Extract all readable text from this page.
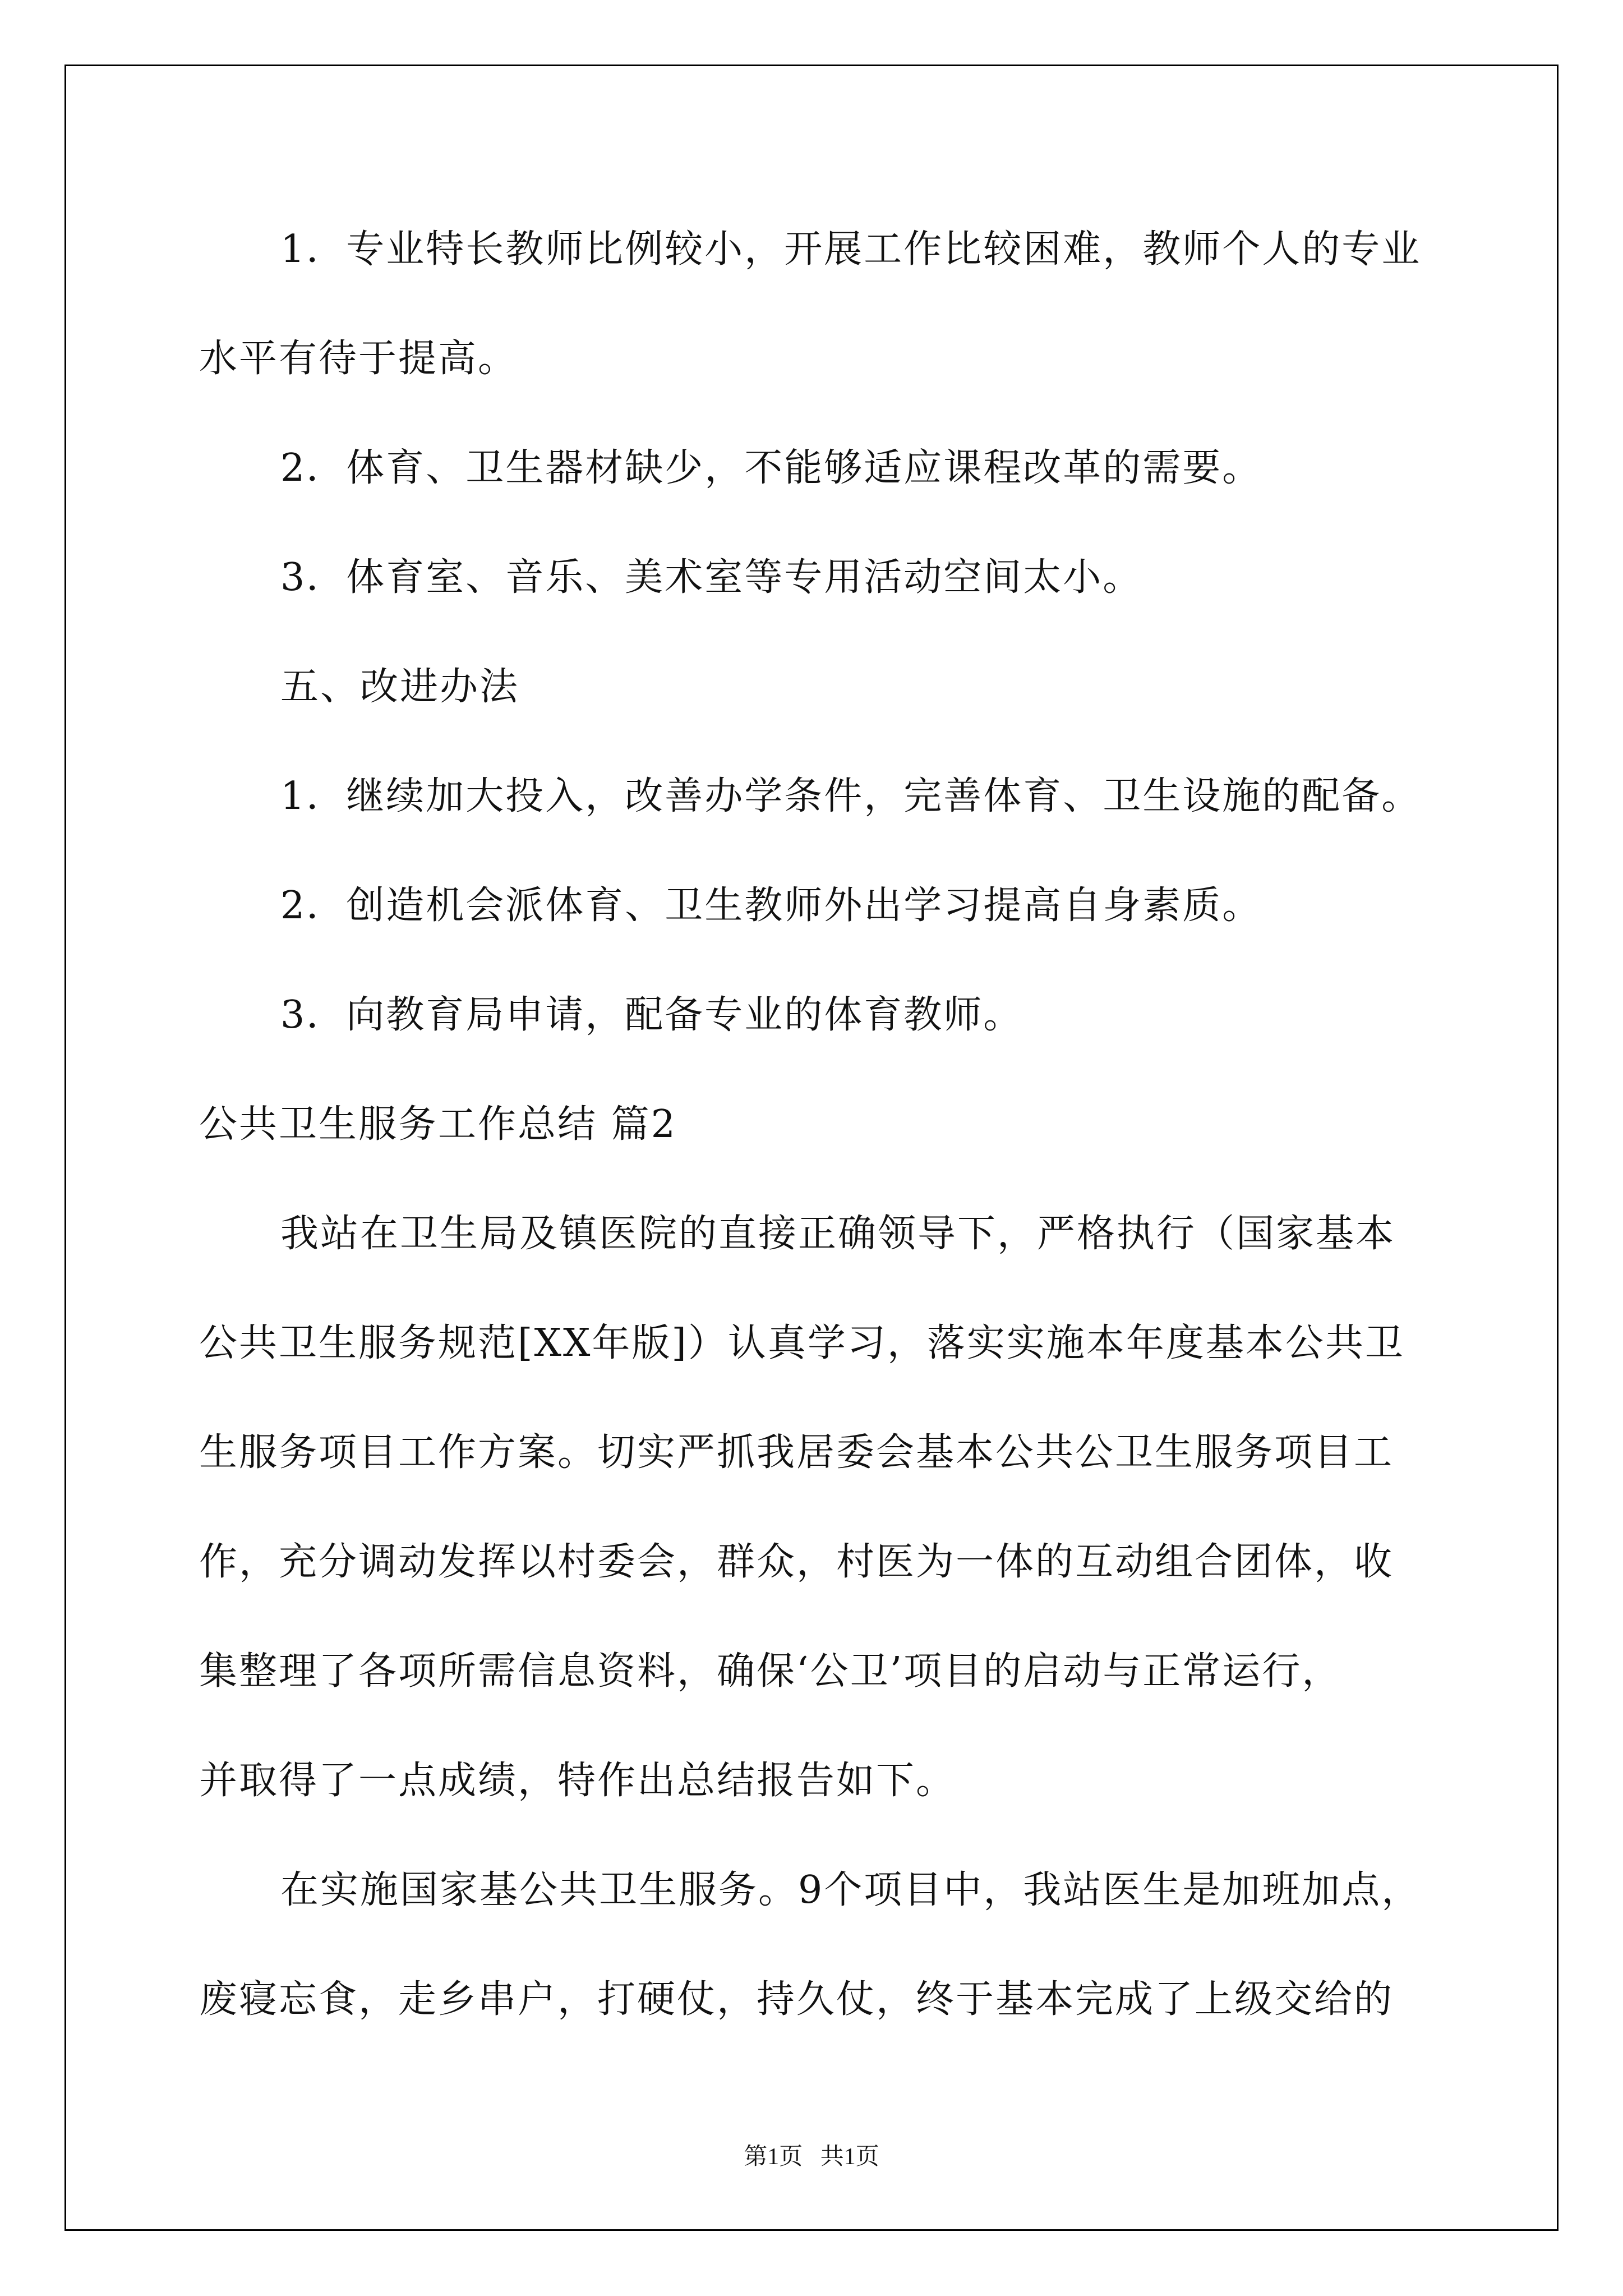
1．专业特长教师比例较小，开展工作比较困难，教师个人的专业
水平有待于提高。
2．体育、卫生器材缺少，不能够适应课程改革的需要。
3．体育室、音乐、美术室等专用活动空间太小。
五、改进办法
1．继续加大投入，改善办学条件，完善体育、卫生设施的配备。
2．创造机会派体育、卫生教师外出学习提高自身素质。
3．向教育局申请，配备专业的体育教师。
公共卫生服务工作总结 篇2
我站在卫生局及镇医院的直接正确领导下，严格执行（国家基本
公共卫生服务规范[XX年版]）认真学习，落实实施本年度基本公共卫
生服务项目工作方案。切实严抓我居委会基本公共公卫生服务项目工
作，充分调动发挥以村委会，群众，村医为一体的互动组合团体，收
集整理了各项所需信息资料，确保‘公卫’项目的启动与正常运行，
并取得了一点成绩，特作出总结报告如下。
在实施国家基公共卫生服务。9个项目中，我站医生是加班加点，
废寝忘食，走乡串户，打硬仗，持久仗，终于基本完成了上级交给的
第1页   共1页
